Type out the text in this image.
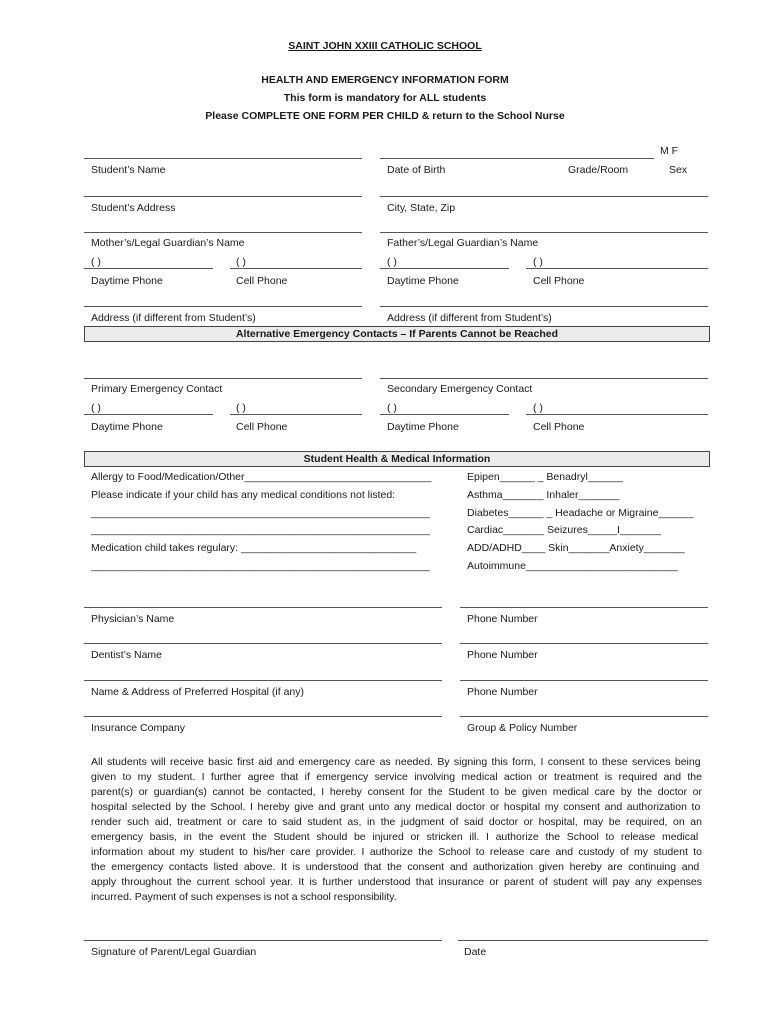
SAINT JOHN XXIII CATHOLIC SCHOOL
HEALTH AND EMERGENCY INFORMATION FORM
This form is mandatory for ALL students
Please COMPLETE ONE FORM PER CHILD & return to the School Nurse
M F
Student’s Name	Date of Birth	Grade/Room	Sex
Student’s Address	City, State, Zip
Mother’s/Legal Guardian’s Name	Father’s/Legal Guardian’s Name
( )	( )	( )	( )
Daytime Phone	Cell Phone	Daytime Phone	Cell Phone
Address (if different from Student’s)	Address (if different from Student’s)
Alternative Emergency Contacts – If Parents Cannot be Reached
Primary Emergency Contact	Secondary Emergency Contact
( )	( )	( )	( )
Daytime Phone	Cell Phone	Daytime Phone	Cell Phone
Student Health & Medical Information
Allergy to Food/Medication/Other________________________________
Please indicate if your child has any medical conditions not listed:
__________________________________________________________
__________________________________________________________
Medication child takes regulary: ______________________________
__________________________________________________________
Epipen______ _ Benadryl______
Asthma_______ Inhaler_______
Diabetes______ _ Headache or Migraine______
Cardiac_______ Seizures_____I_______
ADD/ADHD____ Skin_______Anxiety_______
Autoimmune__________________________
Physician’s Name	Phone Number
Dentist’s Name	Phone Number
Name & Address of Preferred Hospital (if any)	Phone Number
Insurance Company	Group & Policy Number
All students will receive basic first aid and emergency care as needed. By signing this form, I consent to these services being
given to my student. I further agree that if emergency service involving medical action or treatment is required and the
parent(s) or guardian(s) cannot be contacted, I hereby consent for the Student to be given medical care by the doctor or
hospital selected by the School. I hereby give and grant unto any medical doctor or hospital my consent and authorization to
render such aid, treatment or care to said student as, in the judgment of said doctor or hospital, may be required, on an
emergency basis, in the event the Student should be injured or stricken ill. I authorize the School to release medical
information about my student to his/her care provider. I authorize the School to release care and custody of my student to
the emergency contacts listed above. It is understood that the consent and authorization given hereby are continuing and
apply throughout the current school year. It is further understood that insurance or parent of student will pay any expenses
incurred. Payment of such expenses is not a school responsibility.
Signature of Parent/Legal Guardian	Date
